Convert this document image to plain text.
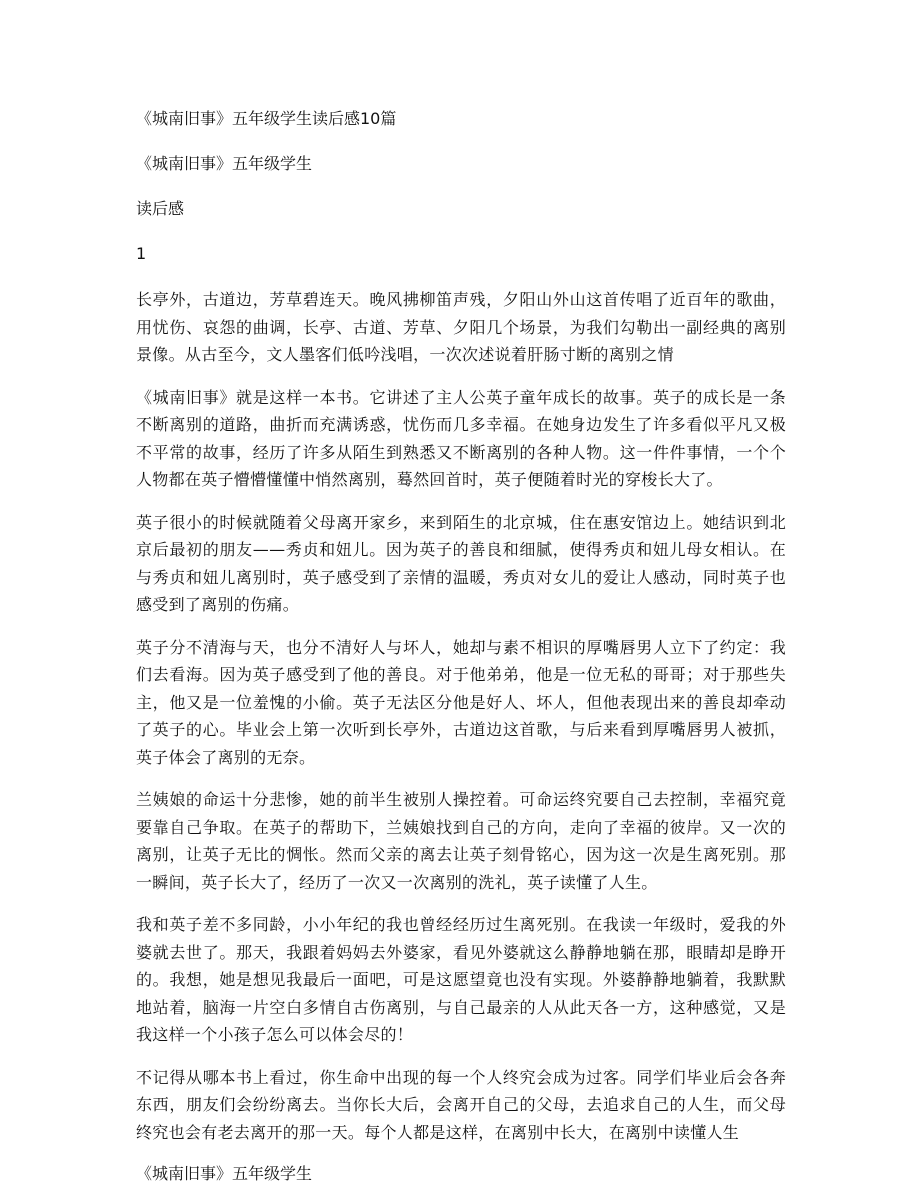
《城南旧事》五年级学生读后感10篇

《城南旧事》五年级学生

读后感

1

长亭外，古道边，芳草碧连天。晚风拂柳笛声残，夕阳山外山这首传唱了近百年的歌曲，用忧伤、哀怨的曲调，长亭、古道、芳草、夕阳几个场景，为我们勾勒出一副经典的离别景像。从古至今，文人墨客们低吟浅唱，一次次述说着肝肠寸断的离别之情

《城南旧事》就是这样一本书。它讲述了主人公英子童年成长的故事。英子的成长是一条不断离别的道路，曲折而充满诱惑，忧伤而几多幸福。在她身边发生了许多看似平凡又极不平常的故事，经历了许多从陌生到熟悉又不断离别的各种人物。这一件件事情，一个个人物都在英子懵懵懂懂中悄然离别，蓦然回首时，英子便随着时光的穿梭长大了。

英子很小的时候就随着父母离开家乡，来到陌生的北京城，住在惠安馆边上。她结识到北京后最初的朋友——秀贞和妞儿。因为英子的善良和细腻，使得秀贞和妞儿母女相认。在与秀贞和妞儿离别时，英子感受到了亲情的温暖，秀贞对女儿的爱让人感动，同时英子也感受到了离别的伤痛。

英子分不清海与天，也分不清好人与坏人，她却与素不相识的厚嘴唇男人立下了约定：我们去看海。因为英子感受到了他的善良。对于他弟弟，他是一位无私的哥哥；对于那些失主，他又是一位羞愧的小偷。英子无法区分他是好人、坏人，但他表现出来的善良却牵动了英子的心。毕业会上第一次听到长亭外，古道边这首歌，与后来看到厚嘴唇男人被抓，英子体会了离别的无奈。

兰姨娘的命运十分悲惨，她的前半生被别人操控着。可命运终究要自己去控制，幸福究竟要靠自己争取。在英子的帮助下，兰姨娘找到自己的方向，走向了幸福的彼岸。又一次的离别，让英子无比的惆怅。然而父亲的离去让英子刻骨铭心，因为这一次是生离死别。那一瞬间，英子长大了，经历了一次又一次离别的洗礼，英子读懂了人生。

我和英子差不多同龄，小小年纪的我也曾经经历过生离死别。在我读一年级时，爱我的外婆就去世了。那天，我跟着妈妈去外婆家，看见外婆就这么静静地躺在那，眼睛却是睁开的。我想，她是想见我最后一面吧，可是这愿望竟也没有实现。外婆静静地躺着，我默默地站着，脑海一片空白多情自古伤离别，与自己最亲的人从此天各一方，这种感觉，又是我这样一个小孩子怎么可以体会尽的！

不记得从哪本书上看过，你生命中出现的每一个人终究会成为过客。同学们毕业后会各奔东西，朋友们会纷纷离去。当你长大后，会离开自己的父母，去追求自己的人生，而父母终究也会有老去离开的那一天。每个人都是这样，在离别中长大，在离别中读懂人生

《城南旧事》五年级学生
